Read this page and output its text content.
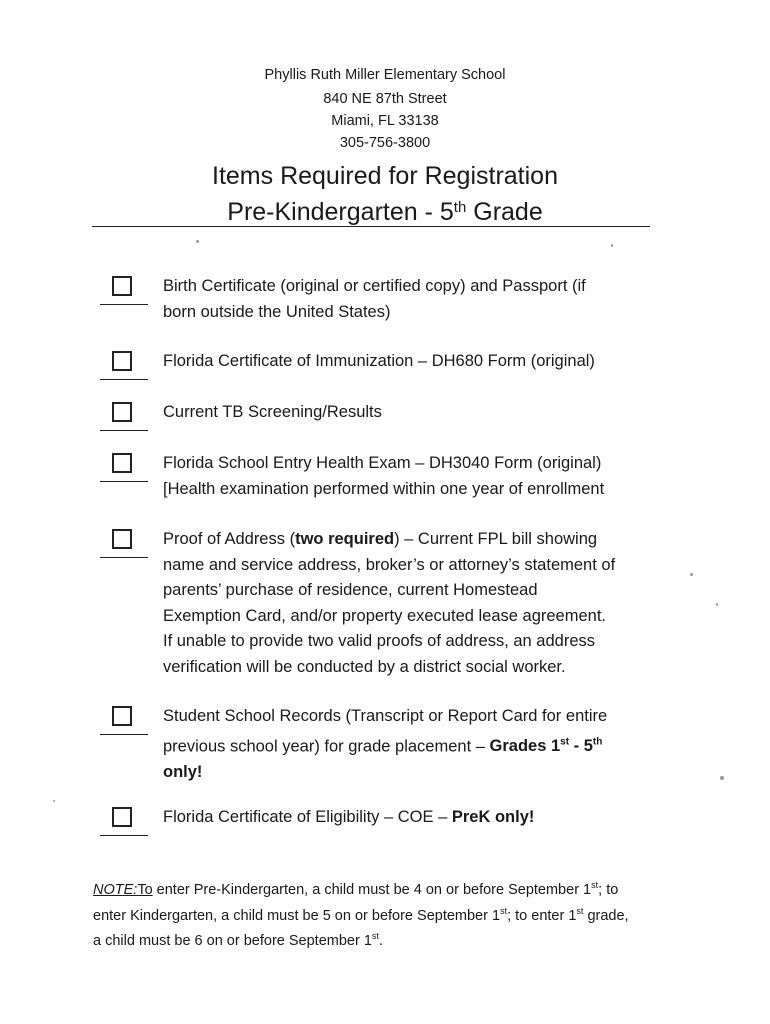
Phyllis Ruth Miller Elementary School
840 NE 87th Street
Miami, FL 33138
305-756-3800
Items Required for Registration
Pre-Kindergarten - 5th Grade
Birth Certificate (original or certified copy) and Passport (if
born outside the United States)
Florida Certificate of Immunization – DH680 Form (original)
Current TB Screening/Results
Florida School Entry Health Exam – DH3040 Form (original)
[Health examination performed within one year of enrollment
Proof of Address (two required) – Current FPL bill showing
name and service address, broker’s or attorney’s statement of
parents’ purchase of residence, current Homestead
Exemption Card, and/or property executed lease agreement.
If unable to provide two valid proofs of address, an address
verification will be conducted by a district social worker.
Student School Records (Transcript or Report Card for entire
previous school year) for grade placement – Grades 1st - 5th
only!
Florida Certificate of Eligibility – COE – PreK only!
NOTE:To enter Pre-Kindergarten, a child must be 4 on or before September 1st; to
enter Kindergarten, a child must be 5 on or before September 1st; to enter 1st grade,
a child must be 6 on or before September 1st.
